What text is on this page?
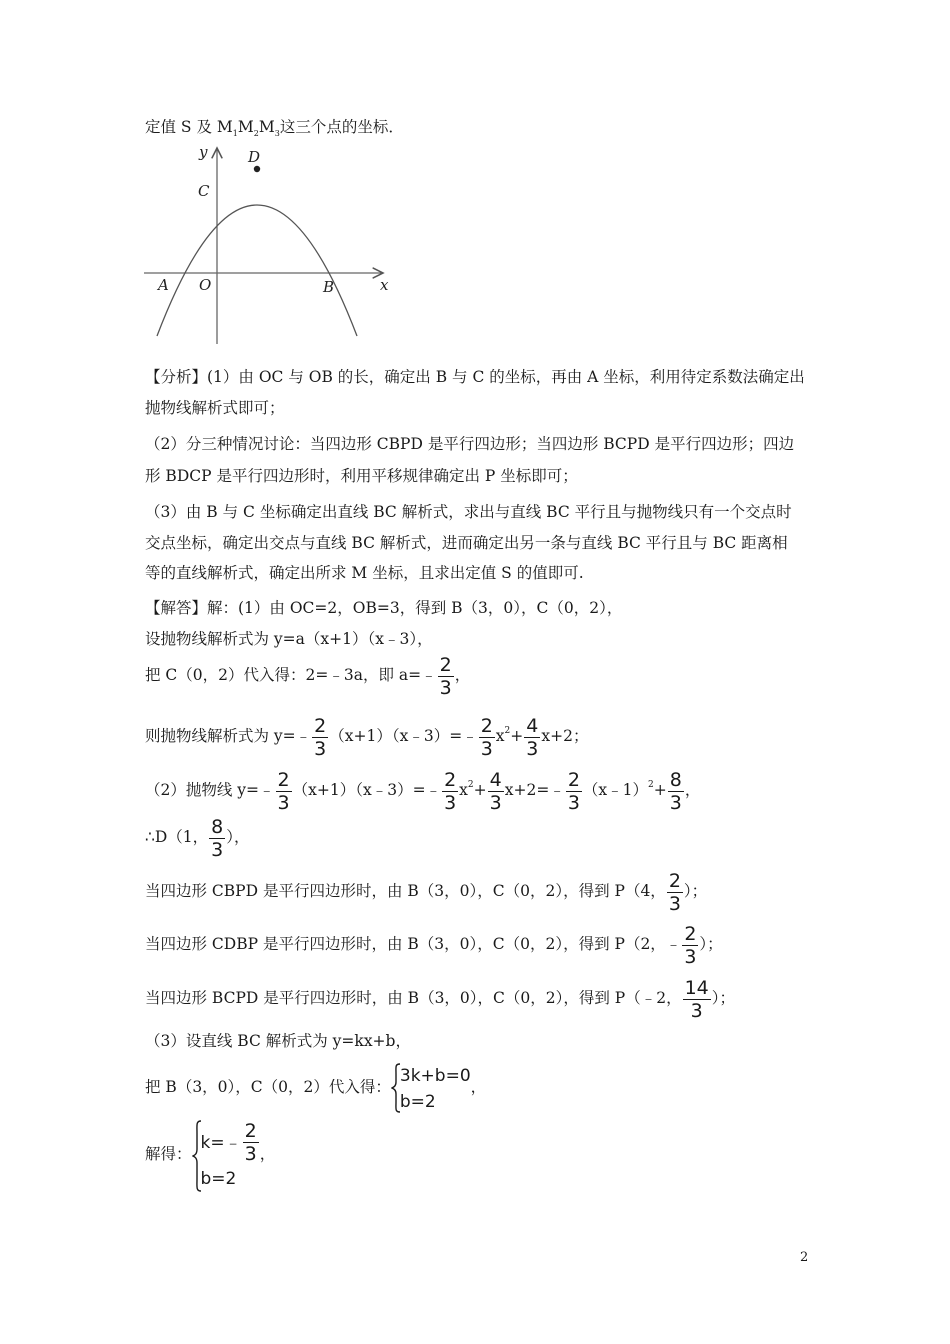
定值 S 及 $M_1M_2M_3$这三个点的坐标．
y	D
C
A O	B	x
【分析】(1）由 OC 与 OB 的长，确定出 B 与 C 的坐标，再由 A 坐标，利用待定系数法确定出
抛物线解析式即可；
（2）分三种情况讨论：当四边形 CBPD 是平行四边形；当四边形 BCPD 是平行四边形；四边
形 BDCP 是平行四边形时，利用平移规律确定出 P 坐标即可；
（3）由 B 与 C 坐标确定出直线 BC 解析式，求出与直线 BC 平行且与抛物线只有一个交点时
交点坐标，确定出交点与直线 BC 解析式，进而确定出另一条与直线 BC 平行且与 BC 距离相
等的直线解析式，确定出所求 M 坐标，且求出定值 S 的值即可.
【解答】解：(1）由 OC=2，OB=3，得到 B（3，0），C（0，2），
设抛物线解析式为 y=a（x+1）（x﹣3），
把 C（0，2）代入得：2=﹣3a，即 a=﹣ $\frac{2}{3}$ ，
则抛物线解析式为 y=﹣ $\frac{2}{3}$ （x+1）（x﹣3）=﹣ $\frac{2}{3} x^2+ \frac{4}{3} x+2$；
（2）抛物线 y=﹣ $\frac{2}{3}$ （x+1）（x﹣3）=﹣ $\frac{2}{3} x^2+ \frac{4}{3}$ x+2=﹣ $\frac{2}{3}$ （x﹣1）$^2$+ $\frac{8}{3}$ ，
∴D（1， $\frac{8}{3}$ ），
当四边形 CBPD 是平行四边形时，由 B（3，0），C（0，2），得到 P（4， $\frac{2}{3}$ ）；
当四边形 CDBP 是平行四边形时，由 B（3，0），C（0，2），得到 P（2，﹣ $\frac{2}{3}$ ）；
当四边形 BCPD 是平行四边形时，由 B（3，0），C（0，2），得到 P（﹣2， $\frac{14}{3}$ ）；
（3）设直线 BC 解析式为 y=kx+b，
把 B（3，0），C（0，2）代入得：
3k+b=0
b=2
，
解得：
k=﹣ $\frac{2}{3}$
b=2
，
2
